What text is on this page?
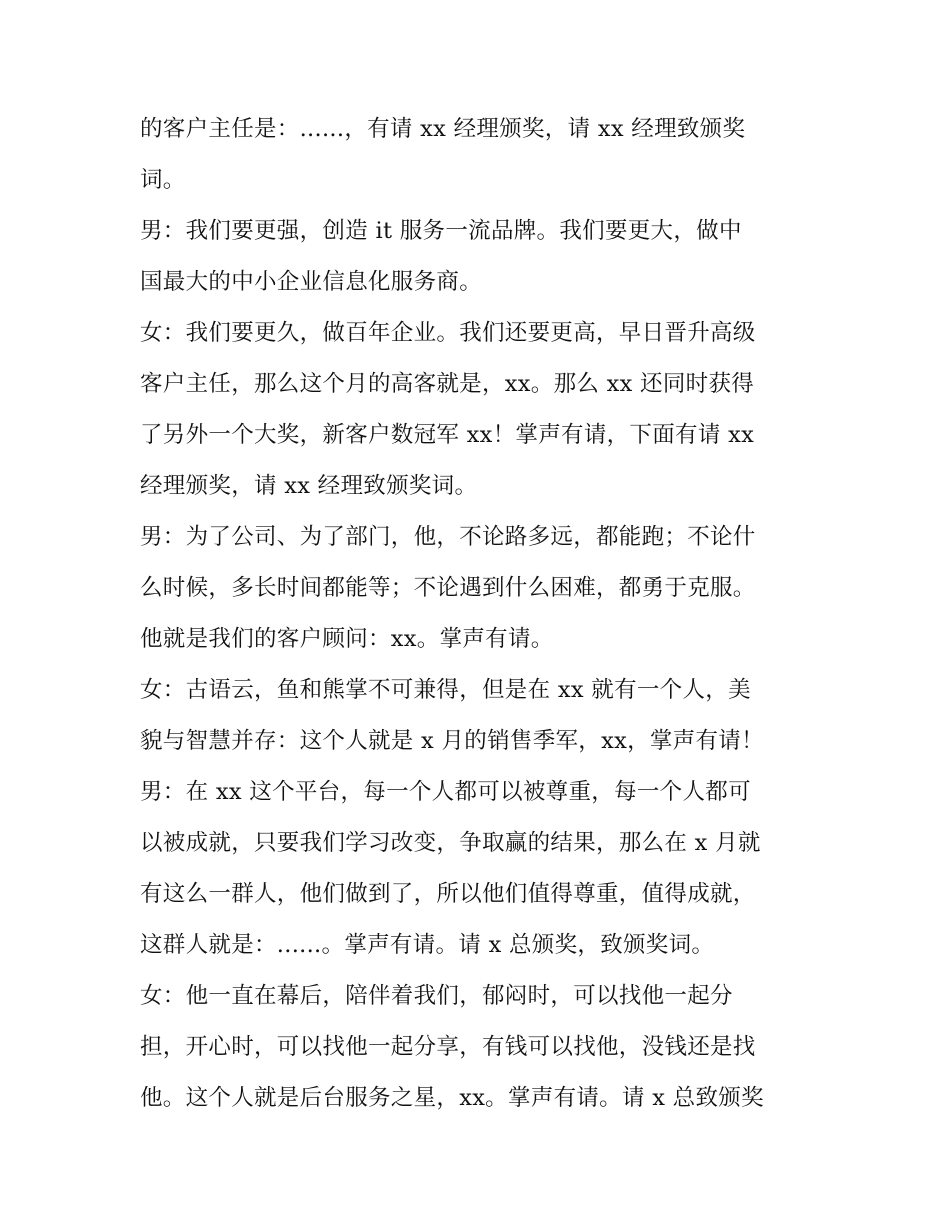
的客户主任是：......，有请 xx 经理颁奖，请 xx 经理致颁奖
词。
男：我们要更强，创造 it 服务一流品牌。我们要更大，做中
国最大的中小企业信息化服务商。
女：我们要更久，做百年企业。我们还要更高，早日晋升高级
客户主任，那么这个月的高客就是，xx。那么 xx 还同时获得
了另外一个大奖，新客户数冠军 xx！掌声有请，下面有请 xx
经理颁奖，请 xx 经理致颁奖词。
男：为了公司、为了部门，他，不论路多远，都能跑；不论什
么时候，多长时间都能等；不论遇到什么困难，都勇于克服。
他就是我们的客户顾问：xx。掌声有请。
女：古语云，鱼和熊掌不可兼得，但是在 xx 就有一个人，美
貌与智慧并存：这个人就是 x 月的销售季军，xx，掌声有请！
男：在 xx 这个平台，每一个人都可以被尊重，每一个人都可
以被成就，只要我们学习改变，争取赢的结果，那么在 x 月就
有这么一群人，他们做到了，所以他们值得尊重，值得成就，
这群人就是：......。掌声有请。请 x 总颁奖，致颁奖词。
女：他一直在幕后，陪伴着我们，郁闷时，可以找他一起分
担，开心时，可以找他一起分享，有钱可以找他，没钱还是找
他。这个人就是后台服务之星，xx。掌声有请。请 x 总致颁奖
